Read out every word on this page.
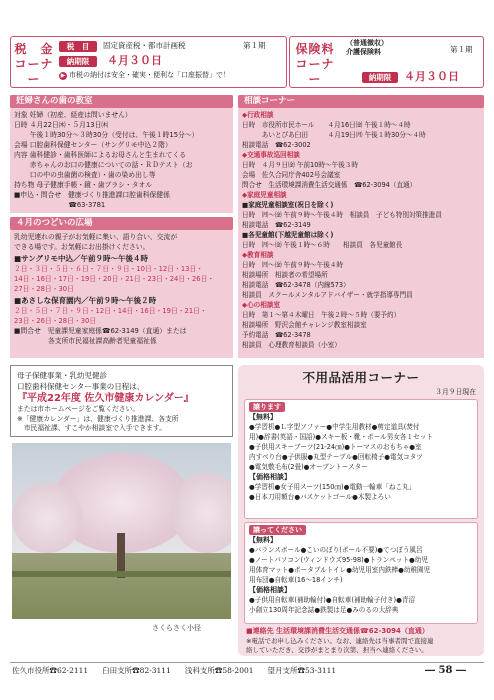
税　金
コーナー
税　目	固定資産税・都市計画税	第１期
納期限	４月３０日
▶ 市税の納付は安全・確実・便利な「口座振替」で！
保険料
コーナー
（普通徴収）
介護保険料	第１期
納期限	４月３０日
妊婦さんの歯の教室
対象 妊婦（初産、経産は問いません）
日時 ４月22日㈭・５月13日㈭
　　 午後１時30分～３時30分（受付は、午後１時15分～）
会場 口腔歯科保健センター（サングリモ中込２階）
内容 歯科健診・歯科医師によるお母さんと生まれてくる
　　 赤ちゃんのお口の健康についての話・ＲＤテスト（お
　　 口の中の虫歯菌の検査）・歯の染め出し等
持ち物 母子健康手帳・鏡・歯ブラシ・タオル
■申込・問合せ　健康づくり推進課口腔歯科保健係
　　　　　　　　☎63-3781
４月のつどいの広場
乳幼児連れの親子がお気軽に集い、語り合い、交流が
できる場です。お気軽にお出掛けください。
■サングリモ中込／午前９時～午後４時
２日・３日・５日・６日・７日・９日・10日・12日・13日・
14日・16日・17日・19日・20日・21日・23日・24日・26日・
27日・28日・30日
■あさしな保育園内／午前９時～午後２時
２日・５日・７日・９日・12日・14日・16日・19日・21日・
23日・26日・28日・30日
■問合せ　児童課児童家庭係☎62-3149（直通）または
　　　　　各支所市民福祉課高齢者児童福祉係
相談コーナー
◆行政相談
日時　市役所市民ホール　　４月16日㈮ 午後１時～４時
　　　あいとぴあ臼田　　　４月19日㈪ 午後１時30分～４時
相談電話　☎62-3002
◆交通事故巡回相談
日時　４月９日㈮ 午前10時～午後３時
会場　佐久合同庁舎402号会議室
問合せ　生活環境課消費生活交通係　☎62-3094（直通）
◆家庭児童相談
■家庭児童相談室(祝日を除く)
日時　㈪～㈮ 午前９時～午後４時　相談員　子ども特別対策推進員
相談電話　☎62-3149
■各児童館(下越児童館は除く)
日時　㈪～㈮ 午後１時～６時　　相談員　各児童館長
◆教育相談
日時　㈪～㈮ 午前９時～午後４時
相談場所　相談者の希望場所
相談電話　☎62-3478（内線573）
相談員　スクールメンタルアドバイザー・就学指導専門員
◆心の相談室
日時　第１～第４木曜日　午後２時～５時（要予約）
相談場所　野沢会館チャレンジ教室相談室
予約電話　☎62-3478
相談員　心理教育相談員（小室）
母子保健事業・乳幼児健診
口腔歯科保健センター事業の日程は、
『平成22年度 佐久市健康カレンダー』
または市ホームページをご覧ください。
※「健康カレンダー」は、健康づくり推進課、各支所
　市民福祉課、すこやか相談室で入手できます。
さくらさく小径
不用品活用コーナー
３月９日現在
譲ります
【無料】
●学習机●Ｌ字型ソファー●中学生用教材●剪定道具(焚付
用)●辞書(英語・国語)●スキー板・靴・ポール男女各１セット
●子供用スキーブーツ(21-24㎝)●トーマスのおもちゃ●室
内すべり台●子供服●丸型テーブル●回転椅子●電気コタツ
●電気敷毛布(2畳)●オーブントースター
【価格相談】
●学習机●女子用スーツ(150㎝)●電動一輪車「ねこ丸」
●日本刀用額台●バスケットゴール●木製よろい
譲ってください
【無料】
●バランスボール●こいのぼり(ポール不要)●てつぼう風呂
●ノートパソコン(ウィンドウズ95-98)●トランペット●幼児
用体育マット●ポータブルトイレ●幼児用室内鉄棒●幼稚園児
用布団●自転車(16～18インチ)
【価格相談】
●子供用自転車(補助輪付)●自転車(補助輪子付き)●青沼
小創立130周年記念誌●鉄製は足●みのるの大辞典
■連絡先 生活環境課消費生活交通係☎62-3094（直通）
※電話でお申し込みください。なお、連絡先は当事者間で直接連
絡していただき、交渉がまとまり次第、担当へ連絡ください。
佐久市役所☎62-2111 臼田支所☎82-3111 浅科支所☎58-2001 望月支所☎53-3111	― 58 ―
